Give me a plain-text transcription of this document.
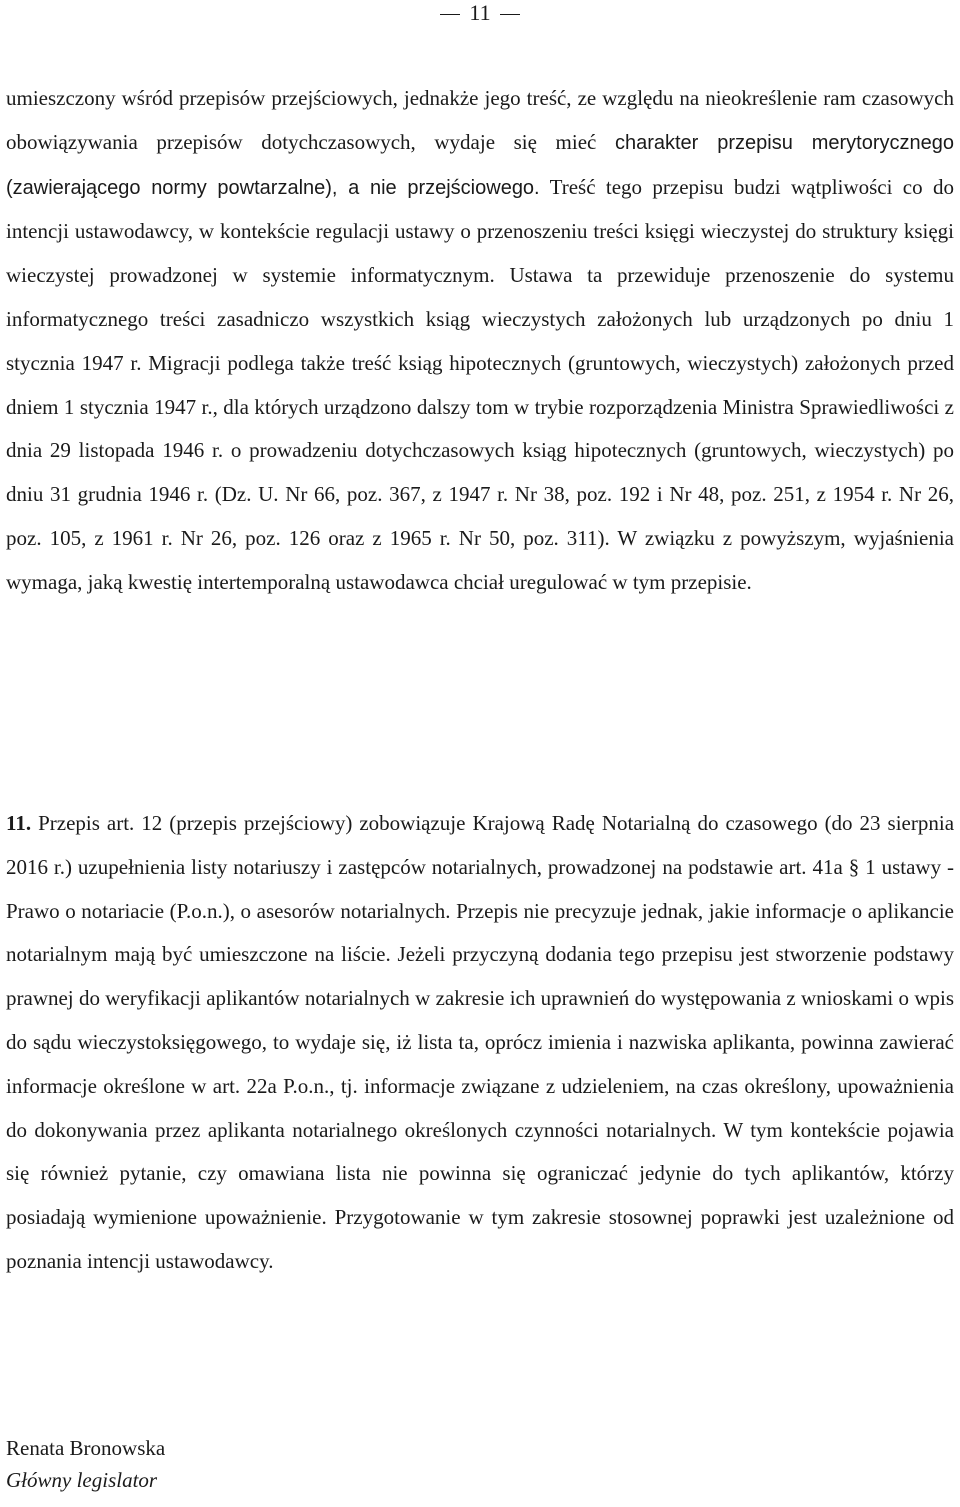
11

umieszczony wśród przepisów przejściowych, jednakże jego treść, ze względu na nieokreślenie ram czasowych obowiązywania przepisów dotychczasowych, wydaje się mieć charakter przepisu merytorycznego (zawierającego normy powtarzalne), a nie przejściowego. Treść tego przepisu budzi wątpliwości co do intencji ustawodawcy, w kontekście regulacji ustawy o przenoszeniu treści księgi wieczystej do struktury księgi wieczystej prowadzonej w systemie informatycznym. Ustawa ta przewiduje przenoszenie do systemu informatycznego treści zasadniczo wszystkich ksiąg wieczystych założonych lub urządzonych po dniu 1 stycznia 1947 r. Migracji podlega także treść ksiąg hipotecznych (gruntowych, wieczystych) założonych przed dniem 1 stycznia 1947 r., dla których urządzono dalszy tom w trybie rozporządzenia Ministra Sprawiedliwości z dnia 29 listopada 1946 r. o prowadzeniu dotychczasowych ksiąg hipotecznych (gruntowych, wieczystych) po dniu 31 grudnia 1946 r. (Dz. U. Nr 66, poz. 367, z 1947 r. Nr 38, poz. 192 i Nr 48, poz. 251, z 1954 r. Nr 26, poz. 105, z 1961 r. Nr 26, poz. 126 oraz z 1965 r. Nr 50, poz. 311). W związku z powyższym, wyjaśnienia wymaga, jaką kwestię intertemporalną ustawodawca chciał uregulować w tym przepisie.

11. Przepis art. 12 (przepis przejściowy) zobowiązuje Krajową Radę Notarialną do czasowego (do 23 sierpnia 2016 r.) uzupełnienia listy notariuszy i zastępców notarialnych, prowadzonej na podstawie art. 41a § 1 ustawy - Prawo o notariacie (P.o.n.), o asesorów notarialnych. Przepis nie precyzuje jednak, jakie informacje o aplikancie notarialnym mają być umieszczone na liście. Jeżeli przyczyną dodania tego przepisu jest stworzenie podstawy prawnej do weryfikacji aplikantów notarialnych w zakresie ich uprawnień do występowania z wnioskami o wpis do sądu wieczystoksięgowego, to wydaje się, iż lista ta, oprócz imienia i nazwiska aplikanta, powinna zawierać informacje określone w art. 22a P.o.n., tj. informacje związane z udzieleniem, na czas określony, upoważnienia do dokonywania przez aplikanta notarialnego określonych czynności notarialnych. W tym kontekście pojawia się również pytanie, czy omawiana lista nie powinna się ograniczać jedynie do tych aplikantów, którzy posiadają wymienione upoważnienie. Przygotowanie w tym zakresie stosownej poprawki jest uzależnione od poznania intencji ustawodawcy.

Renata Bronowska
Główny legislator
